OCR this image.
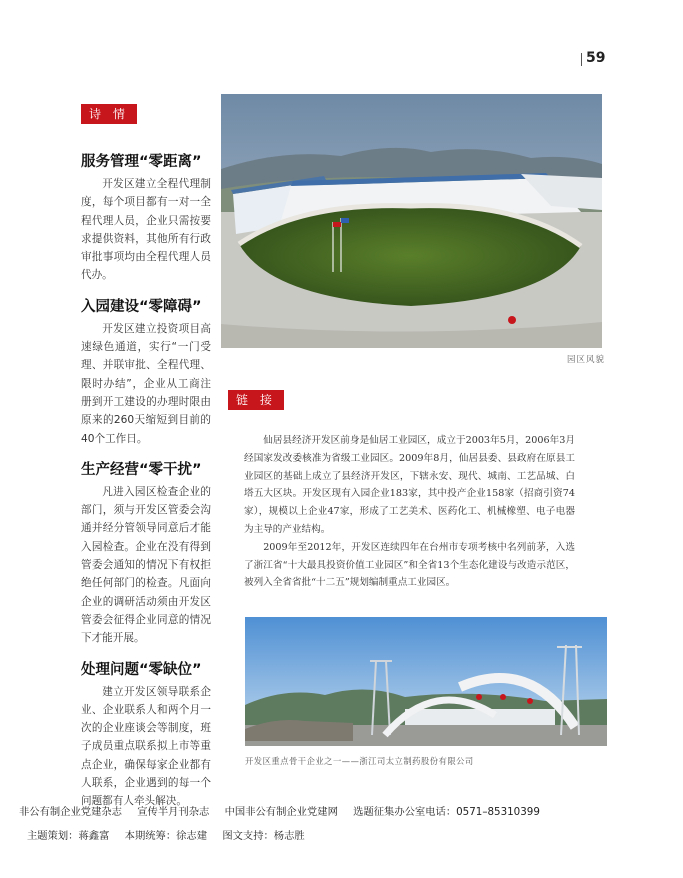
59
诗 情
服务管理“零距离”

开发区建立全程代理制度，每个项目都有一对一全程代理人员，企业只需按要求提供资料，其他所有行政审批事项均由全程代理人员代办。

入园建设“零障碍”

开发区建立投资项目高速绿色通道，实行“一门受理、并联审批、全程代理、限时办结”，企业从工商注册到开工建设的办理时限由原来的260天缩短到目前的40个工作日。

生产经营“零干扰”

凡进入园区检查企业的部门，须与开发区管委会沟通并经分管领导同意后才能入园检查。企业在没有得到管委会通知的情况下有权拒绝任何部门的检查。凡面向企业的调研活动须由开发区管委会征得企业同意的情况下才能开展。

处理问题“零缺位”

建立开发区领导联系企业、企业联系人和两个月一次的企业座谈会等制度，班子成员重点联系拟上市等重点企业，确保每家企业都有人联系，企业遇到的每一个问题都有人牵头解决。

园区风貌
链 接

仙居县经济开发区前身是仙居工业园区，成立于2003年5月，2006年3月经国家发改委核准为省级工业园区。2009年8月，仙居县委、县政府在原县工业园区的基础上成立了县经济开发区，下辖永安、现代、城南、工艺品城、白塔五大区块。开发区现有入园企业183家，其中投产企业158家（招商引资74家），规模以上企业47家，形成了工艺美术、医药化工、机械橡塑、电子电器为主导的产业结构。

2009年至2012年，开发区连续四年在台州市专项考核中名列前茅，入选了浙江省“十大最具投资价值工业园区”和全省13个生态化建设与改造示范区，被列入全省省批“十二五”规划编制重点工业园区。

开发区重点骨干企业之一——浙江司太立制药股份有限公司
非公有制企业党建杂志 宣传半月刊杂志 中国非公有制企业党建网 选题征集办公室电话：0571–85310399
主题策划：蒋鑫富 本期统筹：徐志建 图文支持：杨志胜
